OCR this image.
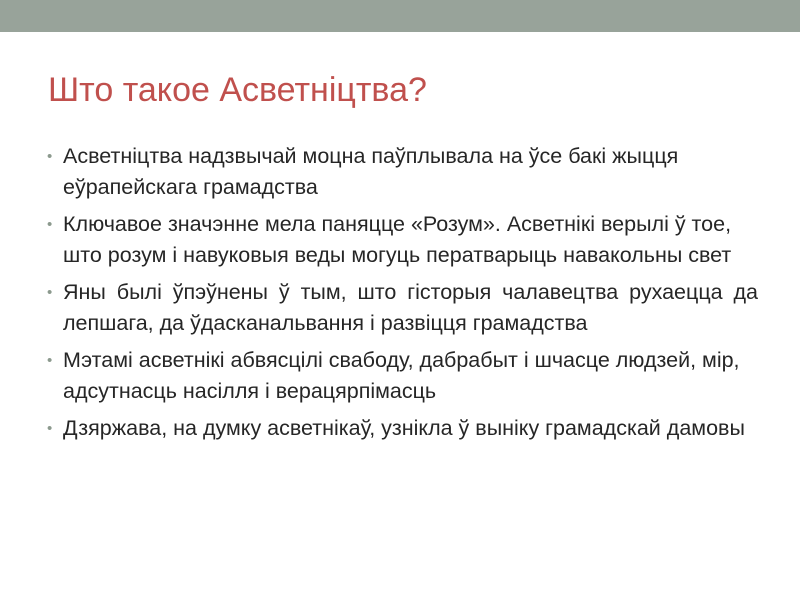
Што такое Асветніцтва?
• Асветніцтва надзвычай моцна паўплывала на ўсе бакі жыцця еўрапейскага грамадства
• Ключавое значэнне мела паняцце «Розум». Асветнікі верылі ў тое, што розум і навуковыя веды могуць ператварыць навакольны свет
• Яны былі ўпэўнены ў тым, што гісторыя чалавецтва рухаецца да лепшага, да ўдасканальвання і развіцця грамадства
• Мэтамі асветнікі абвясцілі свабоду, дабрабыт і шчасце людзей, мір, адсутнасць насілля і верацярпімасць
• Дзяржава, на думку асветнікаў, узнікла ў выніку грамадскай дамовы
